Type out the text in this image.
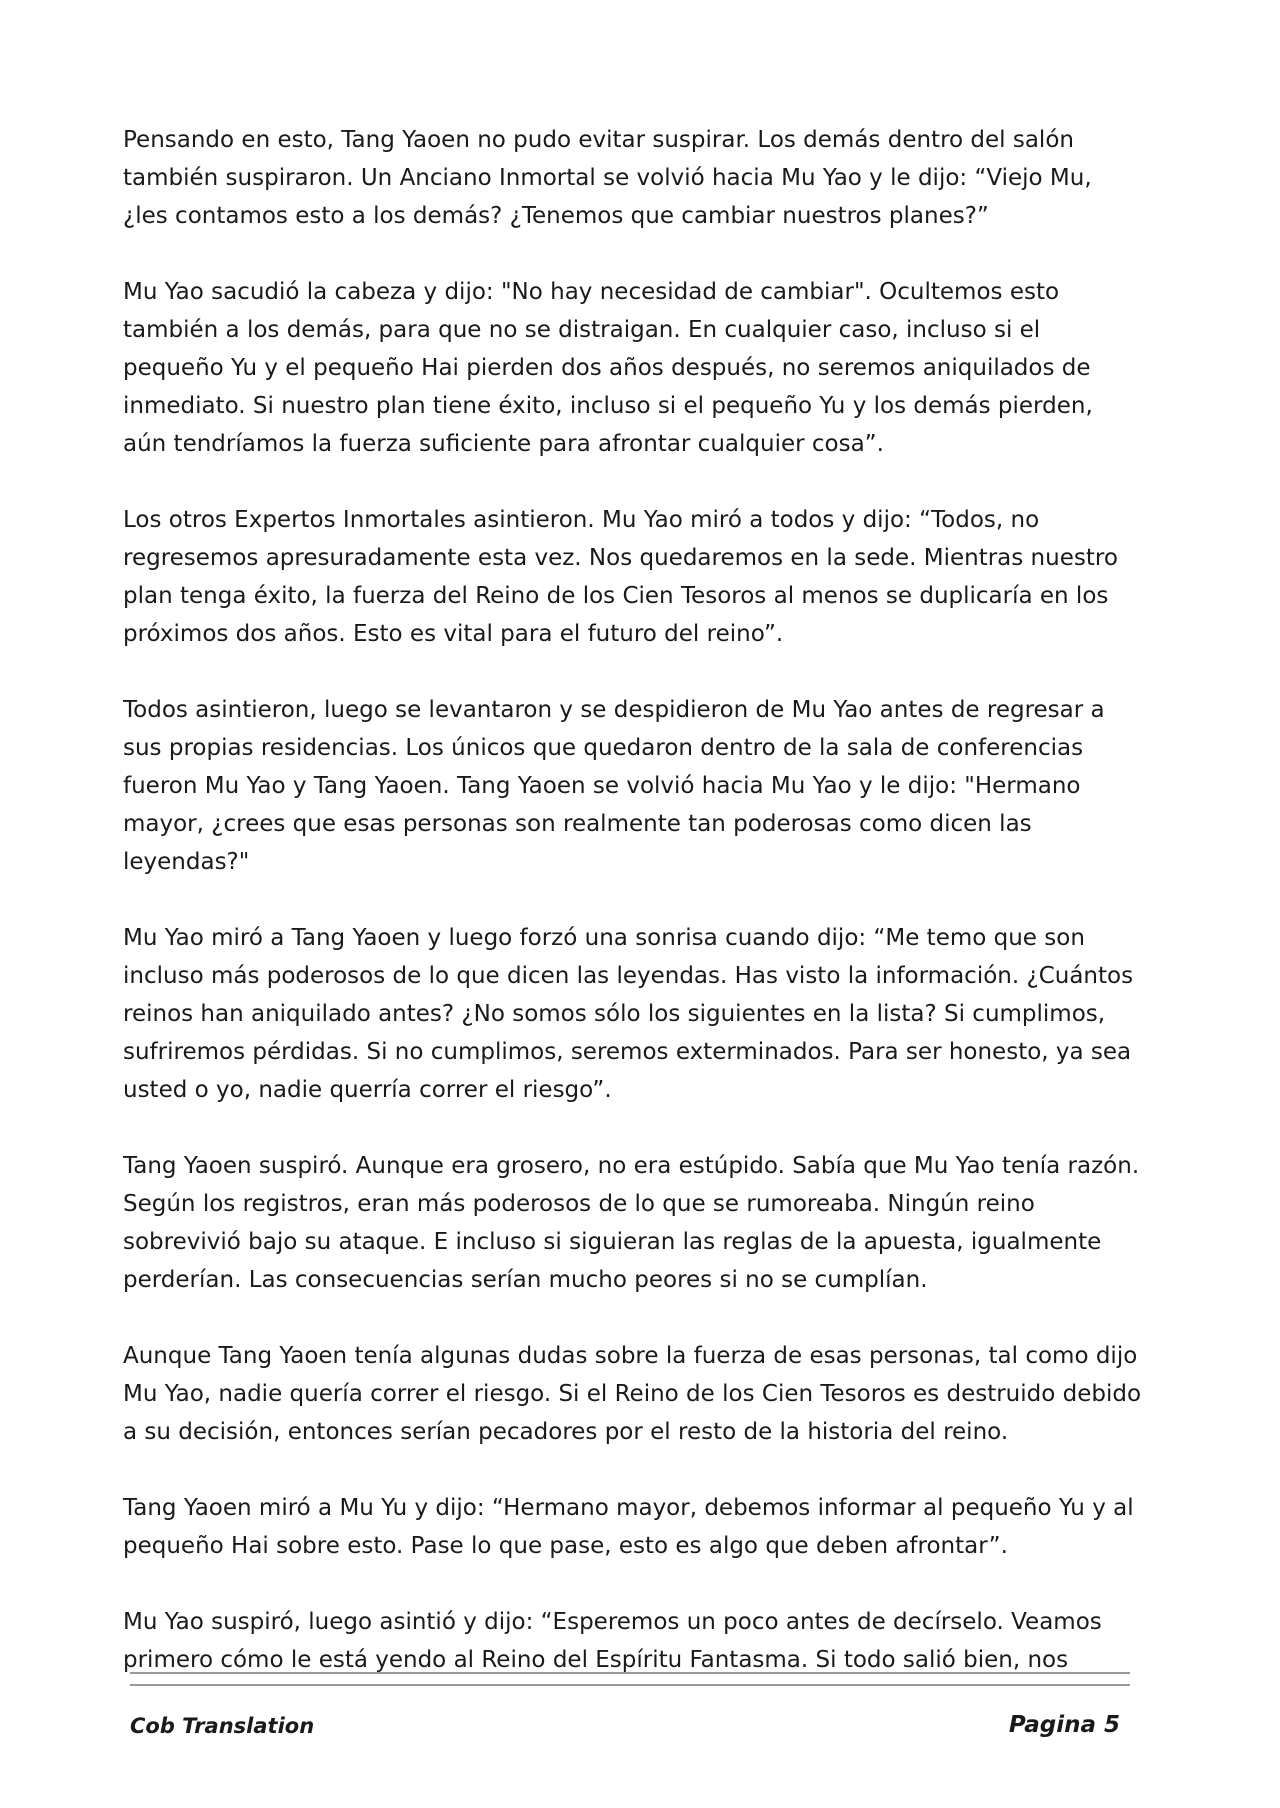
Pensando en esto, Tang Yaoen no pudo evitar suspirar. Los demás dentro del salón también suspiraron. Un Anciano Inmortal se volvió hacia Mu Yao y le dijo: “Viejo Mu, ¿les contamos esto a los demás? ¿Tenemos que cambiar nuestros planes?”

Mu Yao sacudió la cabeza y dijo: "No hay necesidad de cambiar". Ocultemos esto también a los demás, para que no se distraigan. En cualquier caso, incluso si el pequeño Yu y el pequeño Hai pierden dos años después, no seremos aniquilados de inmediato. Si nuestro plan tiene éxito, incluso si el pequeño Yu y los demás pierden, aún tendríamos la fuerza suficiente para afrontar cualquier cosa”.

Los otros Expertos Inmortales asintieron. Mu Yao miró a todos y dijo: “Todos, no regresemos apresuradamente esta vez. Nos quedaremos en la sede. Mientras nuestro plan tenga éxito, la fuerza del Reino de los Cien Tesoros al menos se duplicaría en los próximos dos años. Esto es vital para el futuro del reino”.

Todos asintieron, luego se levantaron y se despidieron de Mu Yao antes de regresar a sus propias residencias. Los únicos que quedaron dentro de la sala de conferencias fueron Mu Yao y Tang Yaoen. Tang Yaoen se volvió hacia Mu Yao y le dijo: "Hermano mayor, ¿crees que esas personas son realmente tan poderosas como dicen las leyendas?"

Mu Yao miró a Tang Yaoen y luego forzó una sonrisa cuando dijo: “Me temo que son incluso más poderosos de lo que dicen las leyendas. Has visto la información. ¿Cuántos reinos han aniquilado antes? ¿No somos sólo los siguientes en la lista? Si cumplimos, sufriremos pérdidas. Si no cumplimos, seremos exterminados. Para ser honesto, ya sea usted o yo, nadie querría correr el riesgo”.

Tang Yaoen suspiró. Aunque era grosero, no era estúpido. Sabía que Mu Yao tenía razón. Según los registros, eran más poderosos de lo que se rumoreaba. Ningún reino sobrevivió bajo su ataque. E incluso si siguieran las reglas de la apuesta, igualmente perderían. Las consecuencias serían mucho peores si no se cumplían.

Aunque Tang Yaoen tenía algunas dudas sobre la fuerza de esas personas, tal como dijo Mu Yao, nadie quería correr el riesgo. Si el Reino de los Cien Tesoros es destruido debido a su decisión, entonces serían pecadores por el resto de la historia del reino.

Tang Yaoen miró a Mu Yu y dijo: “Hermano mayor, debemos informar al pequeño Yu y al pequeño Hai sobre esto. Pase lo que pase, esto es algo que deben afrontar”.

Mu Yao suspiró, luego asintió y dijo: “Esperemos un poco antes de decírselo. Veamos primero cómo le está yendo al Reino del Espíritu Fantasma. Si todo salió bien, nos

Cob Translation	Pagina 5
